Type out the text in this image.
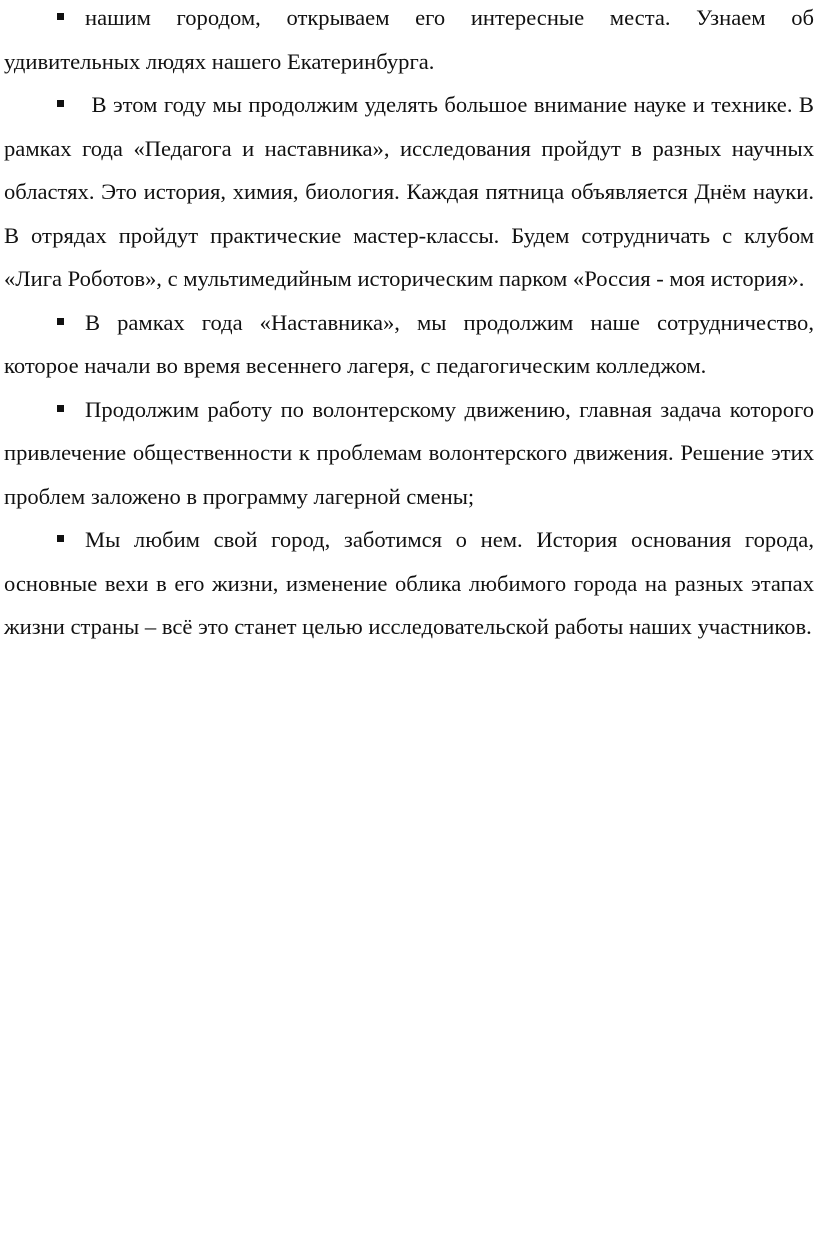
нашим городом, открываем его интересные места. Узнаем об удивительных людях нашего Екатеринбурга.

В этом году мы продолжим уделять большое внимание науке и технике. В рамках года «Педагога и наставника», исследования пройдут в разных научных областях. Это история, химия, биология. Каждая пятница объявляется Днём науки. В отрядах пройдут практические мастер-классы. Будем сотрудничать с клубом «Лига Роботов», с мультимедийным историческим парком «Россия - моя история».

В рамках года «Наставника», мы продолжим наше сотрудничество, которое начали во время весеннего лагеря, с педагогическим колледжом.

Продолжим работу по волонтерскому движению, главная задача которого привлечение общественности к проблемам волонтерского движения. Решение этих проблем заложено в программу лагерной смены;

Мы любим свой город, заботимся о нем. История основания города, основные вехи в его жизни, изменение облика любимого города на разных этапах жизни страны – всё это станет целью исследовательской работы наших участников.
